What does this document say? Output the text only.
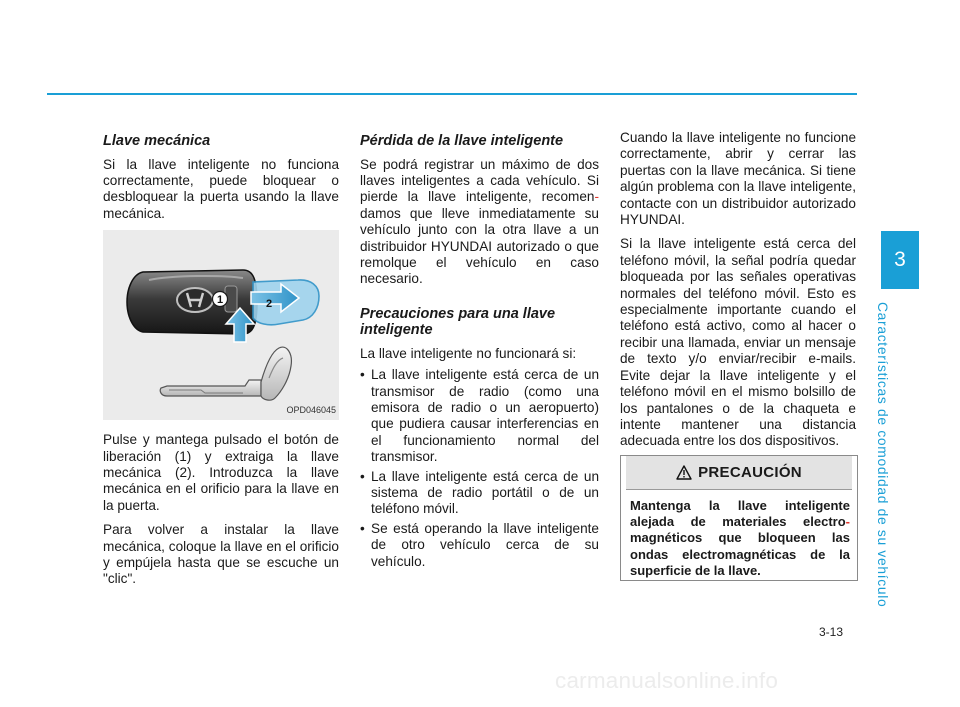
Llave mecánica

Si la llave inteligente no funciona correctamente, puede bloquear o desbloquear la puerta usando la llave mecánica.

1	2
OPD046045

Pulse y mantega pulsado el botón de liberación (1) y extraiga la llave mecánica (2). Introduzca la llave mecánica en el orificio para la llave en la puerta.

Para volver a instalar la llave mecánica, coloque la llave en el orificio y empújela hasta que se escuche un "clic".

Pérdida de la llave inteligente

Se podrá registrar un máximo de dos llaves inteligentes a cada vehículo. Si pierde la llave inteligente, recomen-damos que lleve inmediatamente su vehículo junto con la otra llave a un distribuidor HYUNDAI autorizado o que remolque el vehículo en caso necesario.

Precauciones para una llave inteligente

La llave inteligente no funcionará si:

• La llave inteligente está cerca de un transmisor de radio (como una emisora de radio o un aeropuerto) que pudiera causar interferencias en el funcionamiento normal del transmisor.
• La llave inteligente está cerca de un sistema de radio portátil o de un teléfono móvil.
• Se está operando la llave inteligente de otro vehículo cerca de su vehículo.

Cuando la llave inteligente no funcione correctamente, abrir y cerrar las puertas con la llave mecánica. Si tiene algún problema con la llave inteligente, contacte con un distribuidor autorizado HYUNDAI.

Si la llave inteligente está cerca del teléfono móvil, la señal podría quedar bloqueada por las señales operativas normales del teléfono móvil. Esto es especialmente importante cuando el teléfono está activo, como al hacer o recibir una llamada, enviar un mensaje de texto y/o enviar/recibir e-mails. Evite dejar la llave inteligente y el teléfono móvil en el mismo bolsillo de los pantalones o de la chaqueta e intente mantener una distancia adecuada entre los dos dispositivos.

PRECAUCIÓN

Mantenga la llave inteligente alejada de materiales electro-magnéticos que bloqueen las ondas electromagnéticas de la superficie de la llave.

3
Características de comodidad de su vehículo
3-13
carmanualsonline.info
